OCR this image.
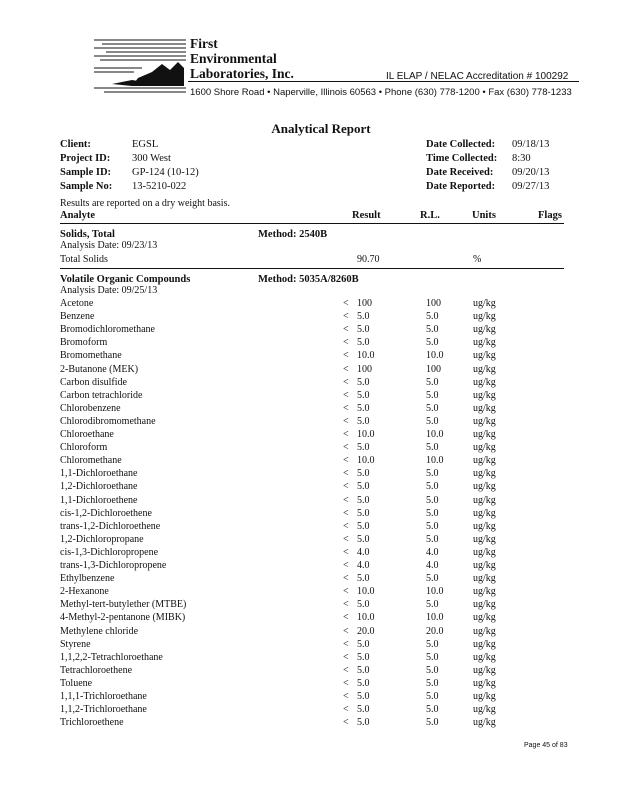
First
Environmental
Laboratories, Inc.	IL ELAP / NELAC Accreditation # 100292
1600 Shore Road • Naperville, Illinois 60563 • Phone (630) 778-1200 • Fax (630) 778-1233
Analytical Report
Client:	EGSL
Project ID: 300 West
Sample ID: GP-124 (10-12)
Sample No: 13-5210-022
Date Collected: 09/18/13
Time Collected: 8:30
Date Received: 09/20/13
Date Reported: 09/27/13
Results are reported on a dry weight basis.
Analyte	Result	R.L.	Units	Flags
Solids, Total	Method: 2540B
Analysis Date: 09/23/13
Total Solids	90.70	%
Volatile Organic Compounds	Method: 5035A/8260B
Analysis Date: 09/25/13
Acetone	< 100	100	ug/kg
Benzene	< 5.0	5.0	ug/kg
Bromodichloromethane	< 5.0	5.0	ug/kg
Bromoform	< 5.0	5.0	ug/kg
Bromomethane	< 10.0	10.0	ug/kg
2-Butanone (MEK)	< 100	100	ug/kg
Carbon disulfide	< 5.0	5.0	ug/kg
Carbon tetrachloride	< 5.0	5.0	ug/kg
Chlorobenzene	< 5.0	5.0	ug/kg
Chlorodibromomethane	< 5.0	5.0	ug/kg
Chloroethane	< 10.0	10.0	ug/kg
Chloroform	< 5.0	5.0	ug/kg
Chloromethane	< 10.0	10.0	ug/kg
1,1-Dichloroethane	< 5.0	5.0	ug/kg
1,2-Dichloroethane	< 5.0	5.0	ug/kg
1,1-Dichloroethene	< 5.0	5.0	ug/kg
cis-1,2-Dichloroethene	< 5.0	5.0	ug/kg
trans-1,2-Dichloroethene	< 5.0	5.0	ug/kg
1,2-Dichloropropane	< 5.0	5.0	ug/kg
cis-1,3-Dichloropropene	< 4.0	4.0	ug/kg
trans-1,3-Dichloropropene	< 4.0	4.0	ug/kg
Ethylbenzene	< 5.0	5.0	ug/kg
2-Hexanone	< 10.0	10.0	ug/kg
Methyl-tert-butylether (MTBE)	< 5.0	5.0	ug/kg
4-Methyl-2-pentanone (MIBK)	< 10.0	10.0	ug/kg
Methylene chloride	< 20.0	20.0	ug/kg
Styrene	< 5.0	5.0	ug/kg
1,1,2,2-Tetrachloroethane	< 5.0	5.0	ug/kg
Tetrachloroethene	< 5.0	5.0	ug/kg
Toluene	< 5.0	5.0	ug/kg
1,1,1-Trichloroethane	< 5.0	5.0	ug/kg
1,1,2-Trichloroethane	< 5.0	5.0	ug/kg
Trichloroethene	< 5.0	5.0	ug/kg
Page 45 of 83
